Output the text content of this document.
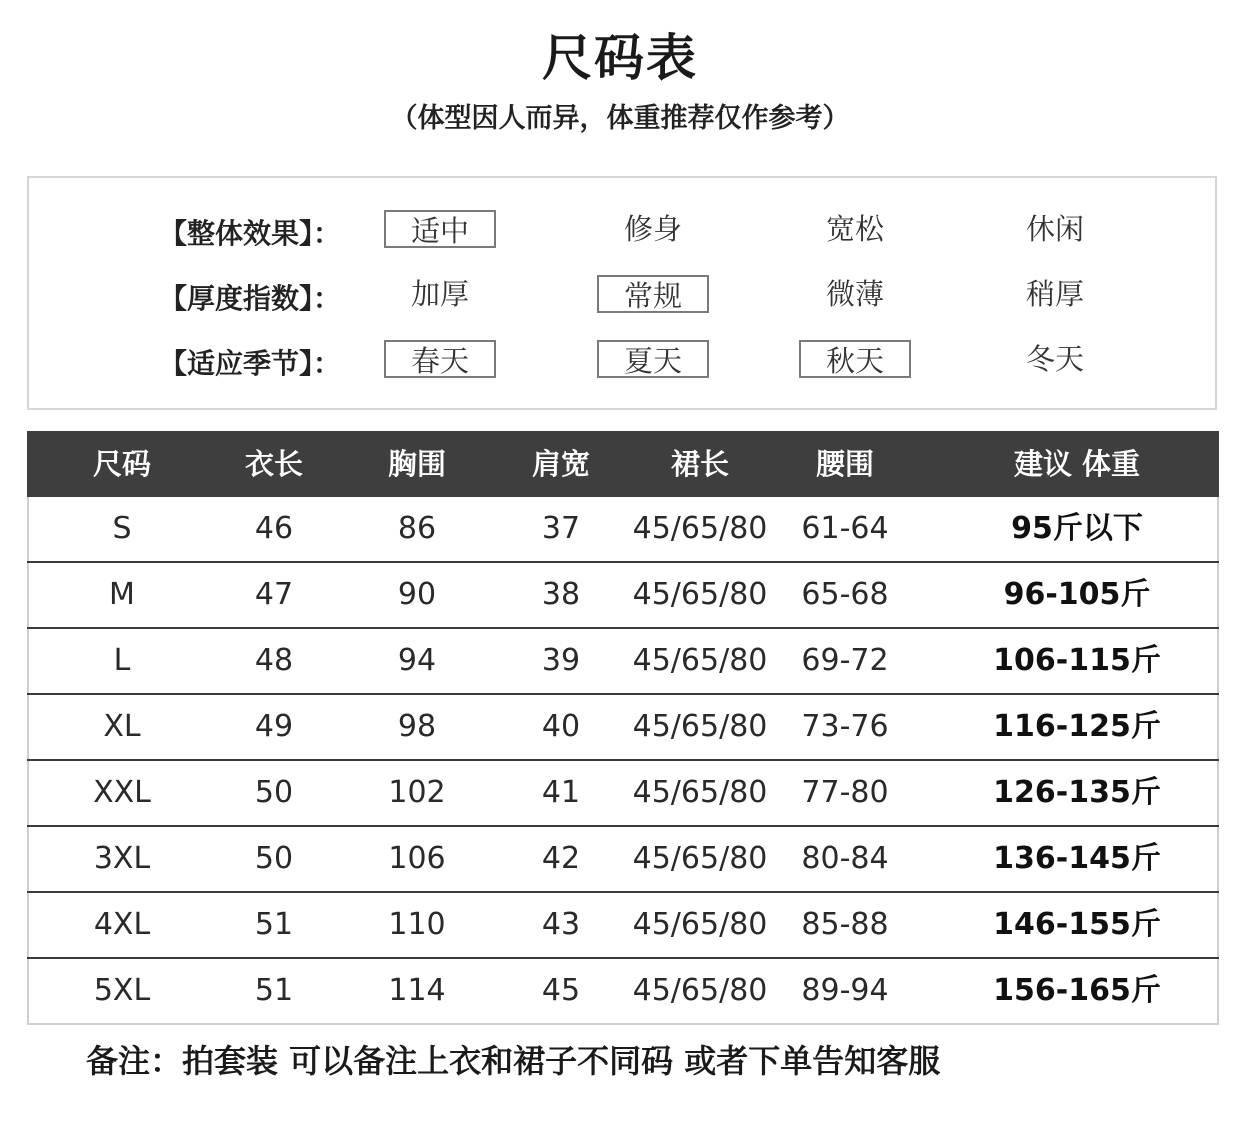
尺码表
（体型因人而异，体重推荐仅作参考）
【整体效果】：	适中	修身	宽松	休闲
【厚度指数】：	加厚	常规	微薄	稍厚
【适应季节】：	春天	夏天	秋天	冬天
尺码	衣长	胸围	肩宽	裙长	腰围	建议 体重
S	46	86	37	45/65/80	61-64	95斤以下
M	47	90	38	45/65/80	65-68	96-105斤
L	48	94	39	45/65/80	69-72	106-115斤
XL	49	98	40	45/65/80	73-76	116-125斤
XXL	50	102	41	45/65/80	77-80	126-135斤
3XL	50	106	42	45/65/80	80-84	136-145斤
4XL	51	110	43	45/65/80	85-88	146-155斤
5XL	51	114	45	45/65/80	89-94	156-165斤
备注：拍套装 可以备注上衣和裙子不同码 或者下单告知客服
